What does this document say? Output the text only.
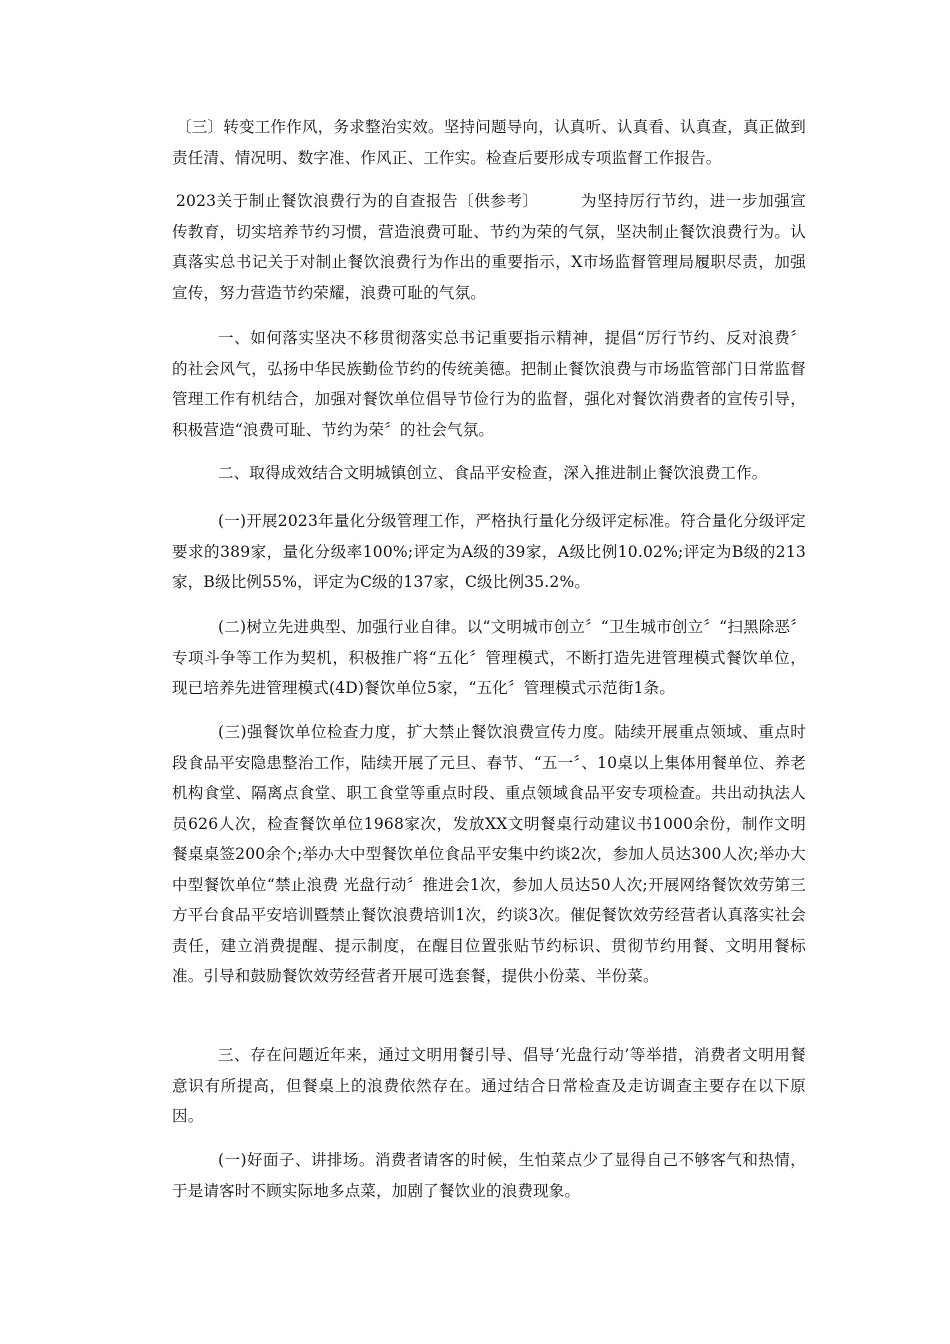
〔三〕转变工作作风，务求整治实效。坚持问题导向，认真听、认真看、认真查，真正做到责任清、情况明、数字准、作风正、工作实。检查后要形成专项监督工作报告。

2023关于制止餐饮浪费行为的自查报告〔供参考〕	为坚持厉行节约，进一步加强宣传教育，切实培养节约习惯，营造浪费可耻、节约为荣的气氛，坚决制止餐饮浪费行为。认真落实总书记关于对制止餐饮浪费行为作出的重要指示，X市场监督管理局履职尽责，加强宣传，努力营造节约荣耀，浪费可耻的气氛。

一、如何落实坚决不移贯彻落实总书记重要指示精神，提倡“厉行节约、反对浪费〞的社会风气，弘扬中华民族勤俭节约的传统美德。把制止餐饮浪费与市场监管部门日常监督管理工作有机结合，加强对餐饮单位倡导节俭行为的监督，强化对餐饮消费者的宣传引导，积极营造“浪费可耻、节约为荣〞的社会气氛。

二、取得成效结合文明城镇创立、食品平安检查，深入推进制止餐饮浪费工作。

(一)开展2023年量化分级管理工作，严格执行量化分级评定标准。符合量化分级评定要求的389家，量化分级率100%;评定为A级的39家，A级比例10.02%;评定为B级的213家，B级比例55%，评定为C级的137家，C级比例35.2%。

(二)树立先进典型、加强行业自律。以“文明城市创立〞“卫生城市创立〞“扫黑除恶〞专项斗争等工作为契机，积极推广将“五化〞管理模式，不断打造先进管理模式餐饮单位，现已培养先进管理模式(4D)餐饮单位5家，“五化〞管理模式示范街1条。

(三)强餐饮单位检查力度，扩大禁止餐饮浪费宣传力度。陆续开展重点领域、重点时段食品平安隐患整治工作，陆续开展了元旦、春节、“五一〞、10桌以上集体用餐单位、养老机构食堂、隔离点食堂、职工食堂等重点时段、重点领域食品平安专项检查。共出动执法人员626人次，检查餐饮单位1968家次，发放XX文明餐桌行动建议书1000余份，制作文明餐桌桌签200余个;举办大中型餐饮单位食品平安集中约谈2次，参加人员达300人次;举办大中型餐饮单位“禁止浪费 光盘行动〞推进会1次，参加人员达50人次;开展网络餐饮效劳第三方平台食品平安培训暨禁止餐饮浪费培训1次，约谈3次。催促餐饮效劳经营者认真落实社会责任，建立消费提醒、提示制度，在醒目位置张贴节约标识、贯彻节约用餐、文明用餐标准。引导和鼓励餐饮效劳经营者开展可选套餐，提供小份菜、半份菜。

三、存在问题近年来，通过文明用餐引导、倡导‘光盘行动’等举措，消费者文明用餐意识有所提高，但餐桌上的浪费依然存在。通过结合日常检查及走访调查主要存在以下原因。

(一)好面子、讲排场。消费者请客的时候，生怕菜点少了显得自己不够客气和热情，于是请客时不顾实际地多点菜，加剧了餐饮业的浪费现象。
